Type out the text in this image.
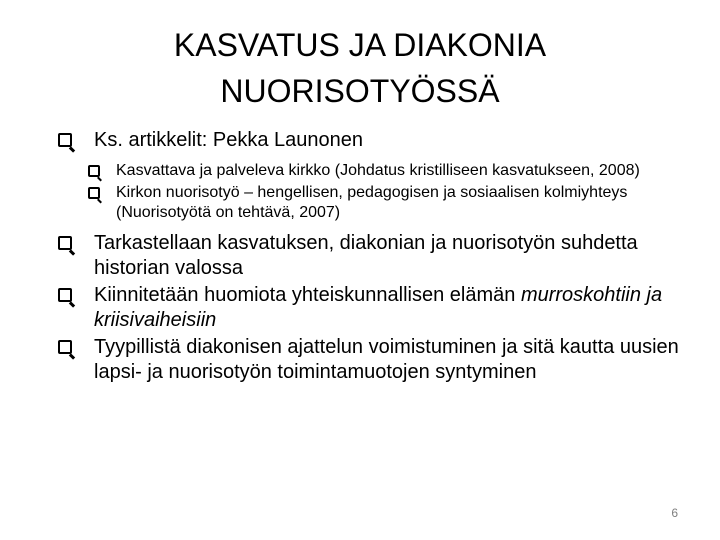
KASVATUS JA DIAKONIA
NUORISOTYÖSSÄ
Ks. artikkelit: Pekka Launonen
Kasvattava ja palveleva kirkko (Johdatus kristilliseen kasvatukseen, 2008)
Kirkon nuorisotyö – hengellisen, pedagogisen ja sosiaalisen kolmiyhteys (Nuorisotyötä on tehtävä, 2007)
Tarkastellaan kasvatuksen, diakonian ja nuorisotyön suhdetta historian valossa
Kiinnitetään huomiota yhteiskunnallisen elämän murroskohtiin ja kriisivaiheisiin
Tyypillistä diakonisen ajattelun voimistuminen ja sitä kautta uusien lapsi- ja nuorisotyön toimintamuotojen syntyminen
6
